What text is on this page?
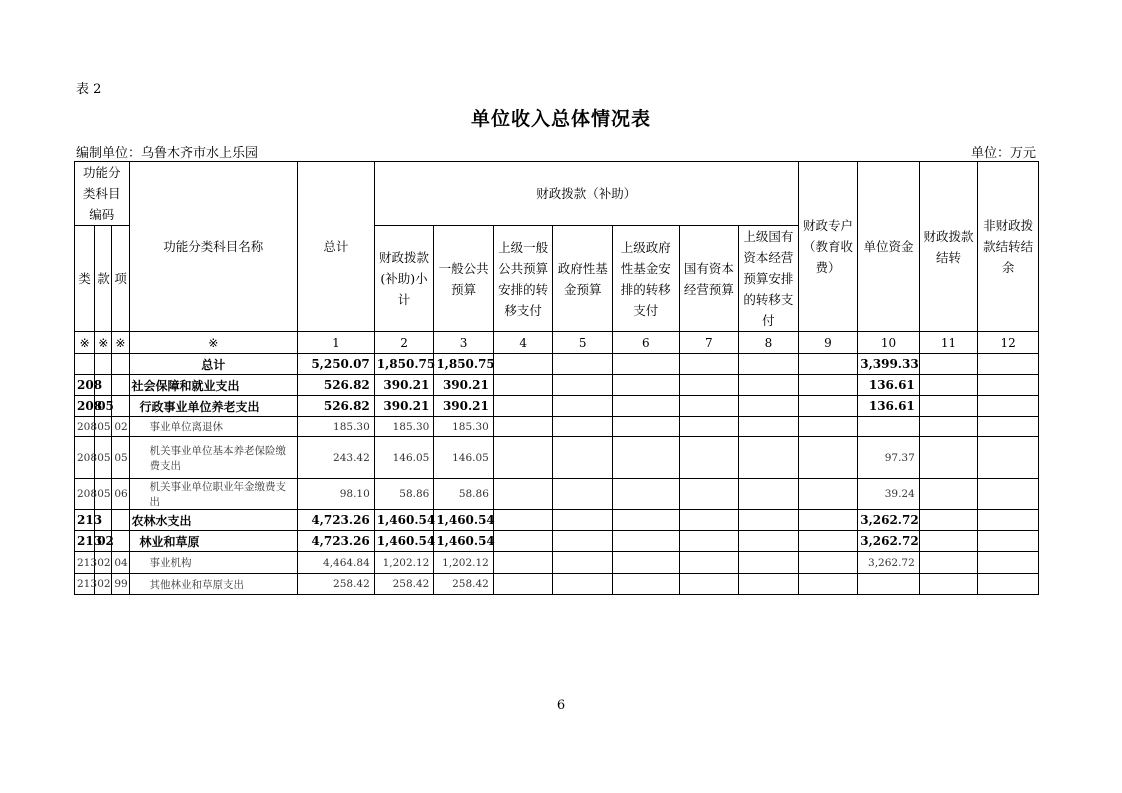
表 2
单位收入总体情况表
编制单位：乌鲁木齐市水上乐园	单位：万元
功能分类科目编码			功能分类科目名称	总计	财政拨款（补助）							财政专户（教育收费）	单位资金	财政拨款结转	非财政拨款结转结余
类	款	项			财政拨款(补助)小计	一般公共预算	上级一般公共预算安排的转移支付	政府性基金预算	上级政府性基金安排的转移支付	国有资本经营预算	上级国有资本经营预算安排的转移支付				
※	※	※	※	1	2	3	4	5	6	7	8	9	10	11	12
			总计	5,250.07	1,850.75	1,850.75							3,399.33		
208			社会保障和就业支出	526.82	390.21	390.21							136.61		
208	05		行政事业单位养老支出	526.82	390.21	390.21							136.61		
208	05	02	事业单位离退休	185.30	185.30	185.30									
208	05	05	机关事业单位基本养老保险缴费支出	243.42	146.05	146.05							97.37		
208	05	06	机关事业单位职业年金缴费支出	98.10	58.86	58.86							39.24		
213			农林水支出	4,723.26	1,460.54	1,460.54							3,262.72		
213	02		林业和草原	4,723.26	1,460.54	1,460.54							3,262.72		
213	02	04	事业机构	4,464.84	1,202.12	1,202.12							3,262.72		
213	02	99	其他林业和草原支出	258.42	258.42	258.42									
6
